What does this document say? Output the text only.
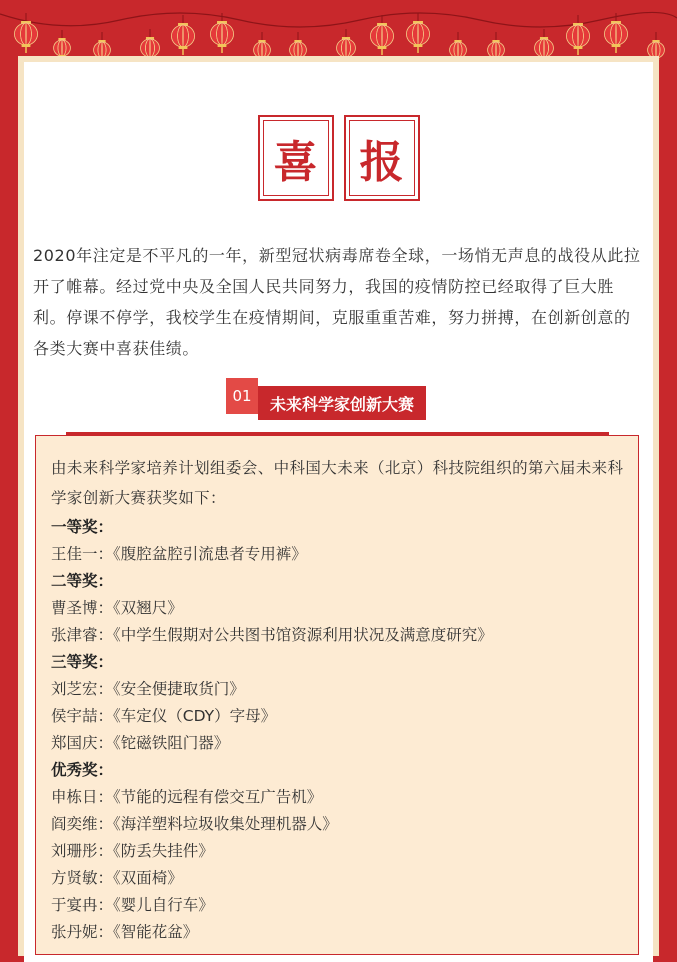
喜 报

2020年注定是不平凡的一年，新型冠状病毒席卷全球，一场悄无声息的战役从此拉开了帷幕。经过党中央及全国人民共同努力，我国的疫情防控已经取得了巨大胜利。停课不停学，我校学生在疫情期间，克服重重苦难，努力拼搏，在创新创意的各类大赛中喜获佳绩。

01	未来科学家创新大赛

由未来科学家培养计划组委会、中科国大未来（北京）科技院组织的第六届未来科学家创新大赛获奖如下：

一等奖：
王佳一：《腹腔盆腔引流患者专用裤》
二等奖：
曹圣博：《双翘尺》
张津睿：《中学生假期对公共图书馆资源利用状况及满意度研究》
三等奖：
刘芝宏：《安全便捷取货门》
侯宇喆：《车定仪（CDY）字母》
郑国庆：《铊磁铁阻门器》
优秀奖：
申栋日：《节能的远程有偿交互广告机》
阎奕维：《海洋塑料垃圾收集处理机器人》
刘珊彤：《防丢失挂件》
方贤敏：《双面椅》
于宴冉：《婴儿自行车》
张丹妮：《智能花盆》
